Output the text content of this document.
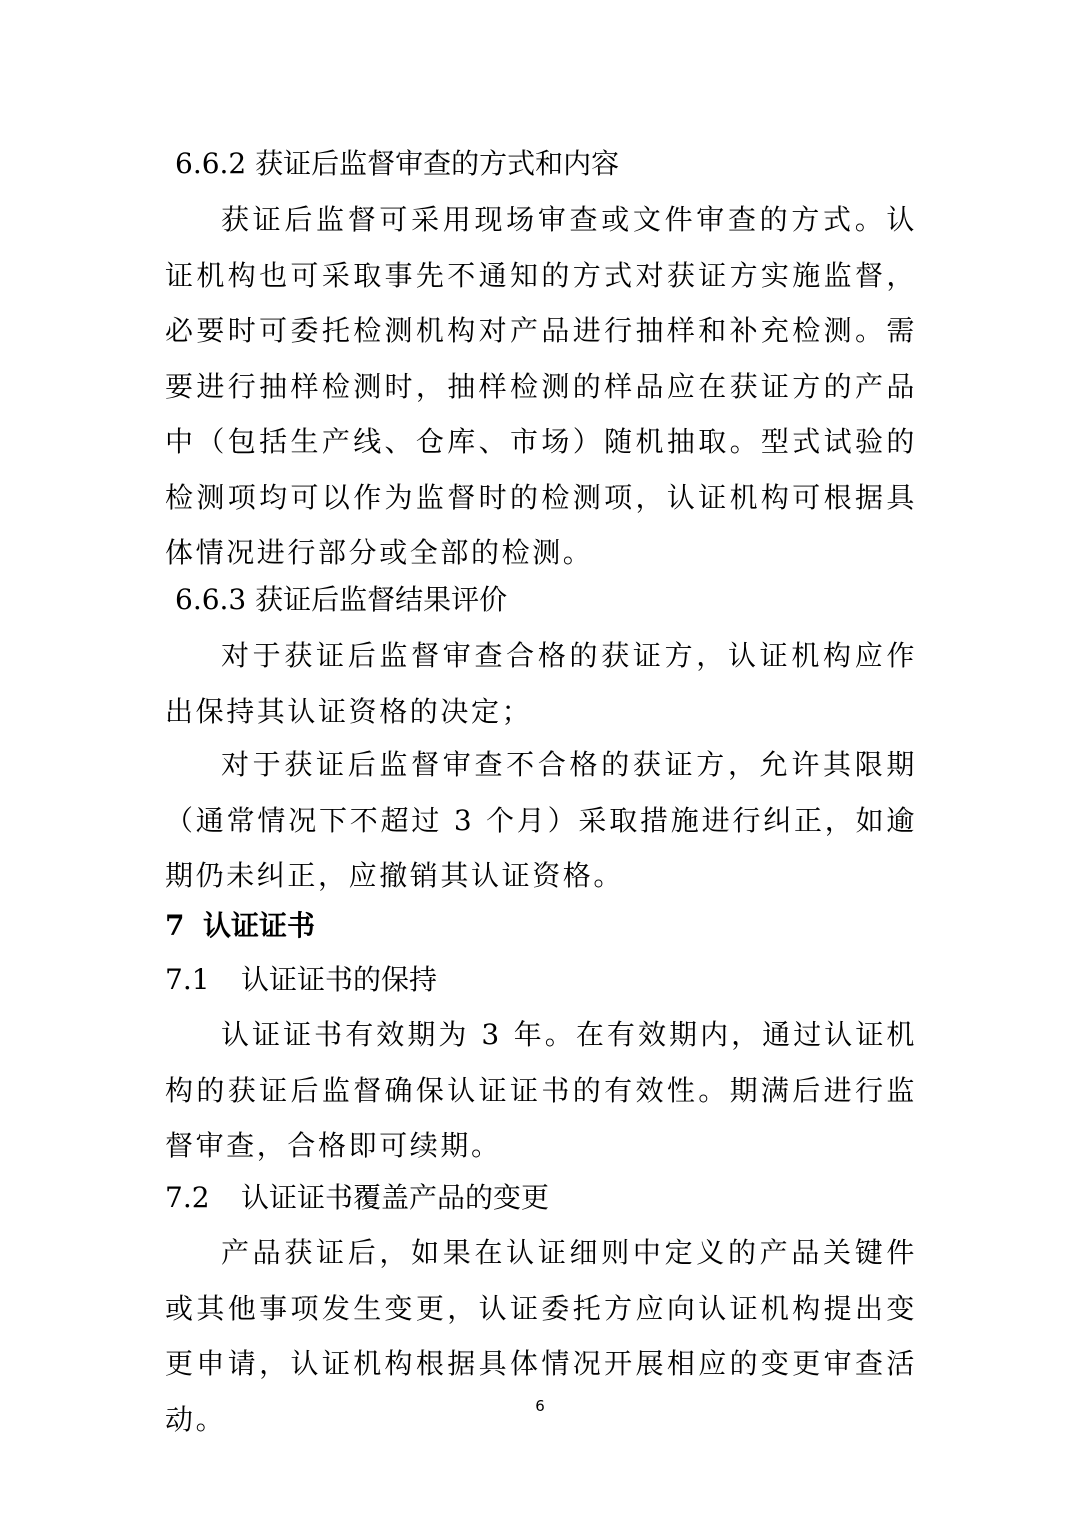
6.6.2 获证后监督审查的方式和内容
获证后监督可采用现场审查或文件审查的方式。认证机构也可采取事先不通知的方式对获证方实施监督，必要时可委托检测机构对产品进行抽样和补充检测。需要进行抽样检测时，抽样检测的样品应在获证方的产品中（包括生产线、仓库、市场）随机抽取。型式试验的检测项均可以作为监督时的检测项，认证机构可根据具体情况进行部分或全部的检测。
6.6.3 获证后监督结果评价
对于获证后监督审查合格的获证方，认证机构应作出保持其认证资格的决定；
对于获证后监督审查不合格的获证方，允许其限期（通常情况下不超过 3 个月）采取措施进行纠正，如逾期仍未纠正，应撤销其认证资格。
7 认证证书
7.1 认证证书的保持
认证证书有效期为 3 年。在有效期内，通过认证机构的获证后监督确保认证证书的有效性。期满后进行监督审查，合格即可续期。
7.2 认证证书覆盖产品的变更
产品获证后，如果在认证细则中定义的产品关键件或其他事项发生变更，认证委托方应向认证机构提出变更申请，认证机构根据具体情况开展相应的变更审查活动。	6
